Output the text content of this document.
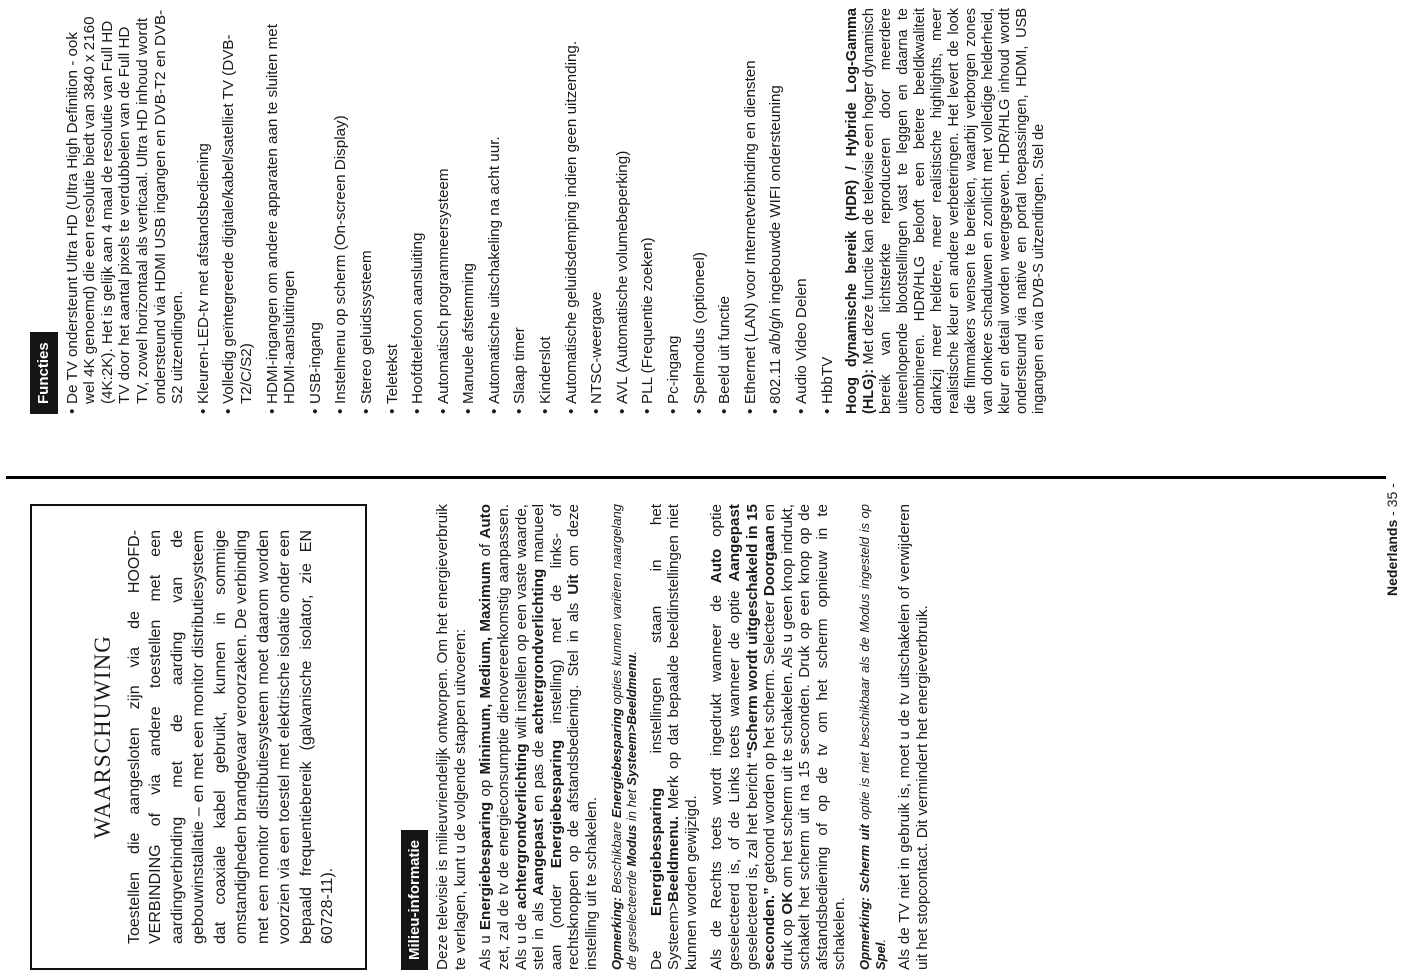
WAARSCHUWING Toestellen die aangesloten zijn via de HOOFD-VERBINDING of via andere toestellen met een aardingverbinding met de aarding van de gebouwinstallatie – en met een monitor distributiesysteem dat coaxiale kabel gebruikt, kunnen in sommige omstandigheden brandgevaar veroorzaken. De verbinding met een monitor distributiesysteem moet daarom worden voorzien via een toestel met elektrische isolatie onder een bepaald frequentiebereik (galvanische isolator, zie EN 60728-11).	Milieu-informatie Deze televisie is milieuvriendelijk ontworpen. Om het energieverbruik te verlagen, kunt u de volgende stappen uitvoeren: Als u Energiebesparing op Minimum, Medium, Maximum of Auto zet, zal de tv de energieconsumptie dienovereenkomstig aanpassen. Als u de achtergrondverlichting wilt instellen op een vaste waarde, stel in als Aangepast en pas de achtergrondverlichting manueel aan (onder Energiebesparing instelling) met de links- of rechtsknoppen op de afstandsbediening. Stel in als Uit om deze instelling uit te schakelen. Opmerking: Beschikbare Energiebesparing opties kunnen variëren naargelang de geselecteerde Modus in het Systeem>Beeldmenu.

De Energiebesparing instellingen staan in het Systeem>Beeldmenu. Merk op dat bepaalde beeldinstellingen niet kunnen worden gewijzigd. Als de Rechts toets wordt ingedrukt wanneer de Auto optie geselecteerd is, of de Links toets wanneer de optie Aangepast geselecteerd is, zal het bericht “Scherm wordt uitgeschakeld in 15 seconden.” getoond worden op het scherm. Selecteer Doorgaan en druk op OK om het scherm uit te schakelen. Als u geen knop indrukt, schakelt het scherm uit na 15 seconden. Druk op een knop op de afstandsbediening of op de tv om het scherm opnieuw in te schakelen. Opmerking: Scherm uit optie is niet beschikbaar als de Modus ingesteld is op Spel. Als de TV niet in gebruik is, moet u de tv uitschakelen of verwijderen uit het stopcontact. Dit vermindert het energieverbruik.

Functies • De TV ondersteunt Ultra HD (Ultra High Definition - ook wel 4K genoemd) die een resolutie biedt van 3840 x 2160 (4K:2K). Het is gelijk aan 4 maal de resolutie van Full HD TV door het aantal pixels te verdubbelen van de Full HD TV, zowel horizontaal als verticaal. Ultra HD inhoud wordt ondersteund via HDMI USB ingangen en DVB-T2 en DVB-S2 uitzendingen. • Kleuren-LED-tv met afstandsbediening • Volledig geïntegreerde digitale/kabel/satelliet TV (DVB-T2/C/S2) • HDMI-ingangen om andere apparaten aan te sluiten met HDMI-aansluitingen • USB-ingang • Instelmenu op scherm (On-screen Display) • Stereo geluidssysteem • Teletekst • Hoofdtelefoon aansluiting • Automatisch programmeersysteem • Manuele afstemming • Automatische uitschakeling na acht uur. • Slaap timer • Kinderslot • Automatische geluidsdemping indien geen uitzending. • NTSC-weergave • AVL (Automatische volumebeperking) • PLL (Frequentie zoeken) • Pc-ingang • Spelmodus (optioneel) • Beeld uit functie • Ethernet (LAN) voor Internetverbinding en diensten • 802.11 a/b/g/n ingebouwde WIFI ondersteuning • Audio Video Delen • HbbTV Hoog dynamische bereik (HDR) / Hybride Log-Gamma (HLG): Met deze functie kan de televisie een hoger dynamisch bereik van lichtsterkte reproduceren door meerdere uiteenlopende blootstellingen vast te leggen en daarna te combineren. HDR/HLG belooft een betere beeldkwaliteit dankzij meer heldere, meer realistische highlights, meer realistische kleur en andere verbeteringen. Het levert de look die filmmakers wensen te bereiken, waarbij verborgen zones van donkere schaduwen en zonlicht met volledige helderheid, kleur en detail worden weergegeven. HDR/HLG inhoud wordt ondersteund via native en portal toepassingen, HDMI, USB ingangen en via DVB-S uitzendingen. Stel de

Nederlands - 35 -
